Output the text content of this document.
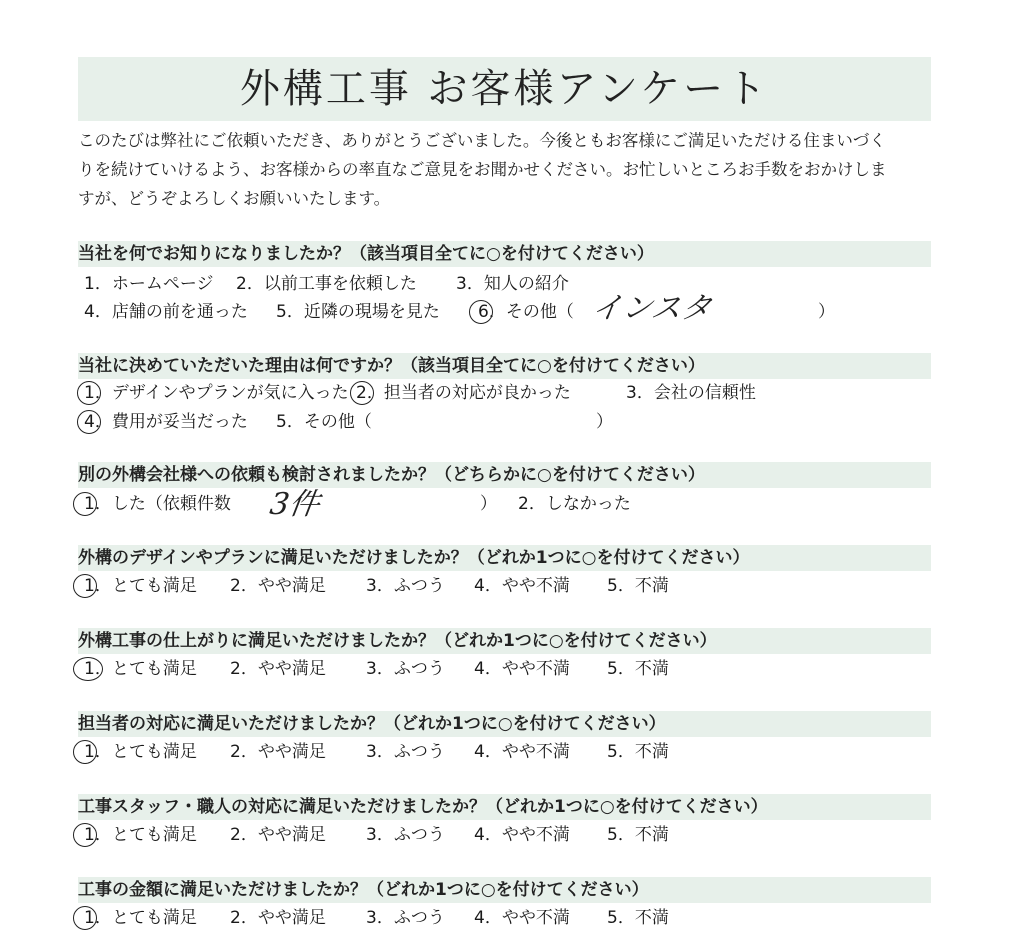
外構工事 お客様アンケート
このたびは弊社にご依頼いただき、ありがとうございました。今後ともお客様にご満足いただける住まいづく
りを続けていけるよう、お客様からの率直なご意見をお聞かせください。お忙しいところお手数をおかけしま
すが、どうぞよろしくお願いいたします。
当社を何でお知りになりましたか？（該当項目全てに○を付けてください）
1．ホームページ 2．以前工事を依頼した 3．知人の紹介
4．店舗の前を通った 5．近隣の現場を見た 6．その他（ インスタ	）
当社に決めていただいた理由は何ですか？（該当項目全てに○を付けてください）
1．デザインやプランが気に入った 2．担当者の対応が良かった	3．会社の信頼性
4．費用が妥当だった 5．その他（	）
別の外構会社様への依頼も検討されましたか？（どちらかに○を付けてください）
1．した（依頼件数 3件	） 2．しなかった
外構のデザインやプランに満足いただけましたか？（どれか1つに○を付けてください）
1．とても満足 2．やや満足 3．ふつう 4．やや不満 5．不満
外構工事の仕上がりに満足いただけましたか？（どれか1つに○を付けてください）
1．とても満足 2．やや満足 3．ふつう 4．やや不満 5．不満
担当者の対応に満足いただけましたか？（どれか1つに○を付けてください）
1．とても満足 2．やや満足 3．ふつう 4．やや不満 5．不満
工事スタッフ・職人の対応に満足いただけましたか？（どれか1つに○を付けてください）
1．とても満足 2．やや満足 3．ふつう 4．やや不満 5．不満
工事の金額に満足いただけましたか？（どれか1つに○を付けてください）
1．とても満足 2．やや満足 3．ふつう 4．やや不満 5．不満
